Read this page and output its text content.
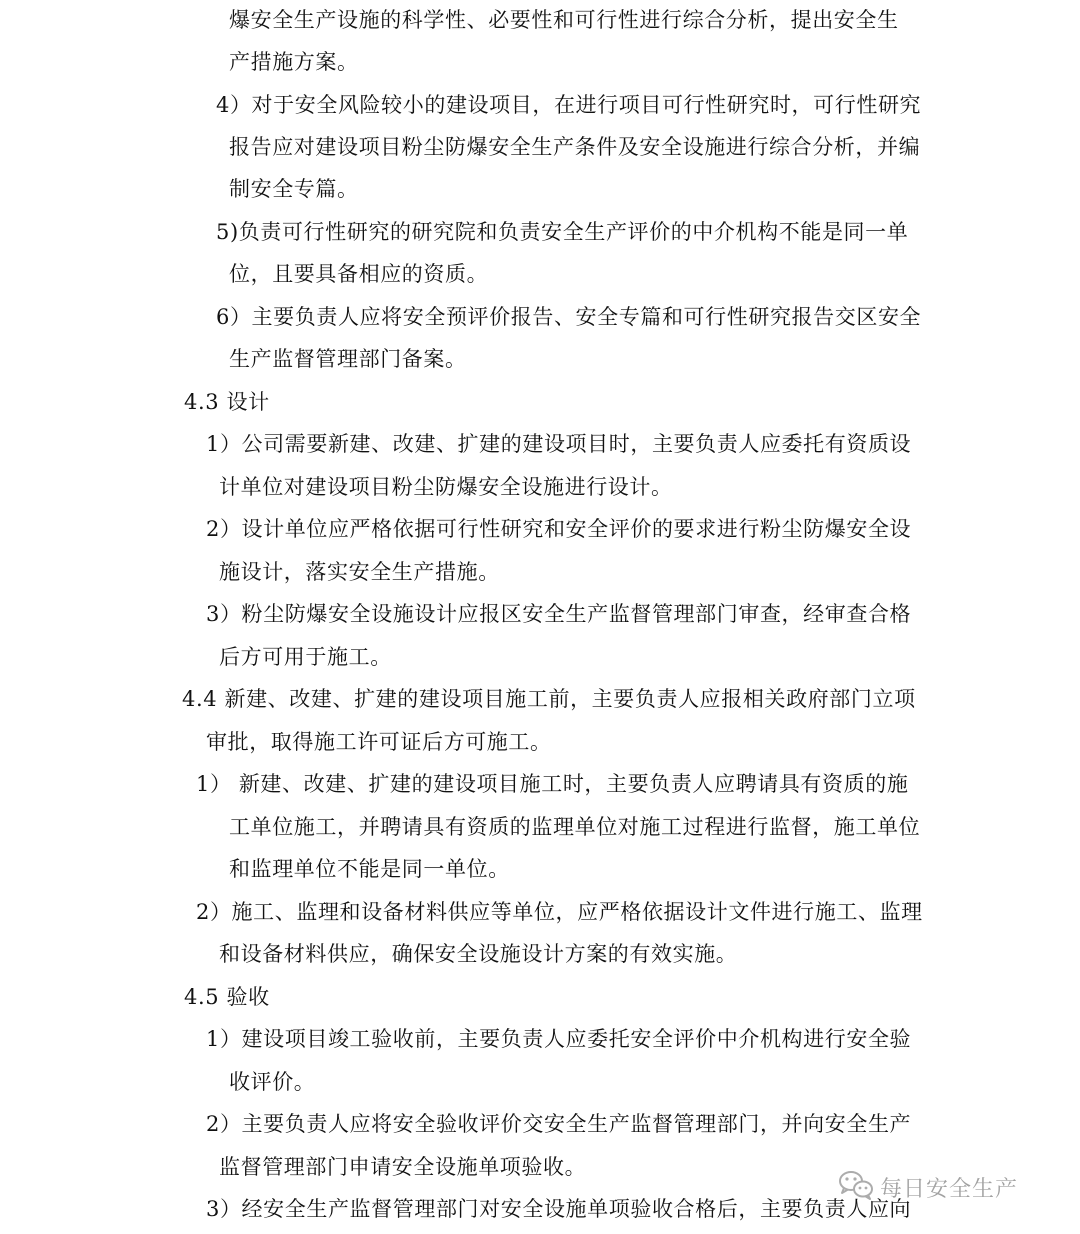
爆安全生产设施的科学性、必要性和可行性进行综合分析，提出安全生
产措施方案。
4）对于安全风险较小的建设项目，在进行项目可行性研究时，可行性研究
报告应对建设项目粉尘防爆安全生产条件及安全设施进行综合分析，并编
制安全专篇。
5)负责可行性研究的研究院和负责安全生产评价的中介机构不能是同一单
位，且要具备相应的资质。
6）主要负责人应将安全预评价报告、安全专篇和可行性研究报告交区安全
生产监督管理部门备案。
4.3 设计
1）公司需要新建、改建、扩建的建设项目时，主要负责人应委托有资质设
计单位对建设项目粉尘防爆安全设施进行设计。
2）设计单位应严格依据可行性研究和安全评价的要求进行粉尘防爆安全设
施设计，落实安全生产措施。
3）粉尘防爆安全设施设计应报区安全生产监督管理部门审查，经审查合格
后方可用于施工。
4.4 新建、改建、扩建的建设项目施工前，主要负责人应报相关政府部门立项
审批，取得施工许可证后方可施工。
1） 新建、改建、扩建的建设项目施工时，主要负责人应聘请具有资质的施
工单位施工，并聘请具有资质的监理单位对施工过程进行监督，施工单位
和监理单位不能是同一单位。
2）施工、监理和设备材料供应等单位，应严格依据设计文件进行施工、监理
和设备材料供应，确保安全设施设计方案的有效实施。
4.5 验收
1）建设项目竣工验收前，主要负责人应委托安全评价中介机构进行安全验
收评价。
2）主要负责人应将安全验收评价交安全生产监督管理部门，并向安全生产
监督管理部门申请安全设施单项验收。
3）经安全生产监督管理部门对安全设施单项验收合格后，主要负责人应向
每日安全生产
